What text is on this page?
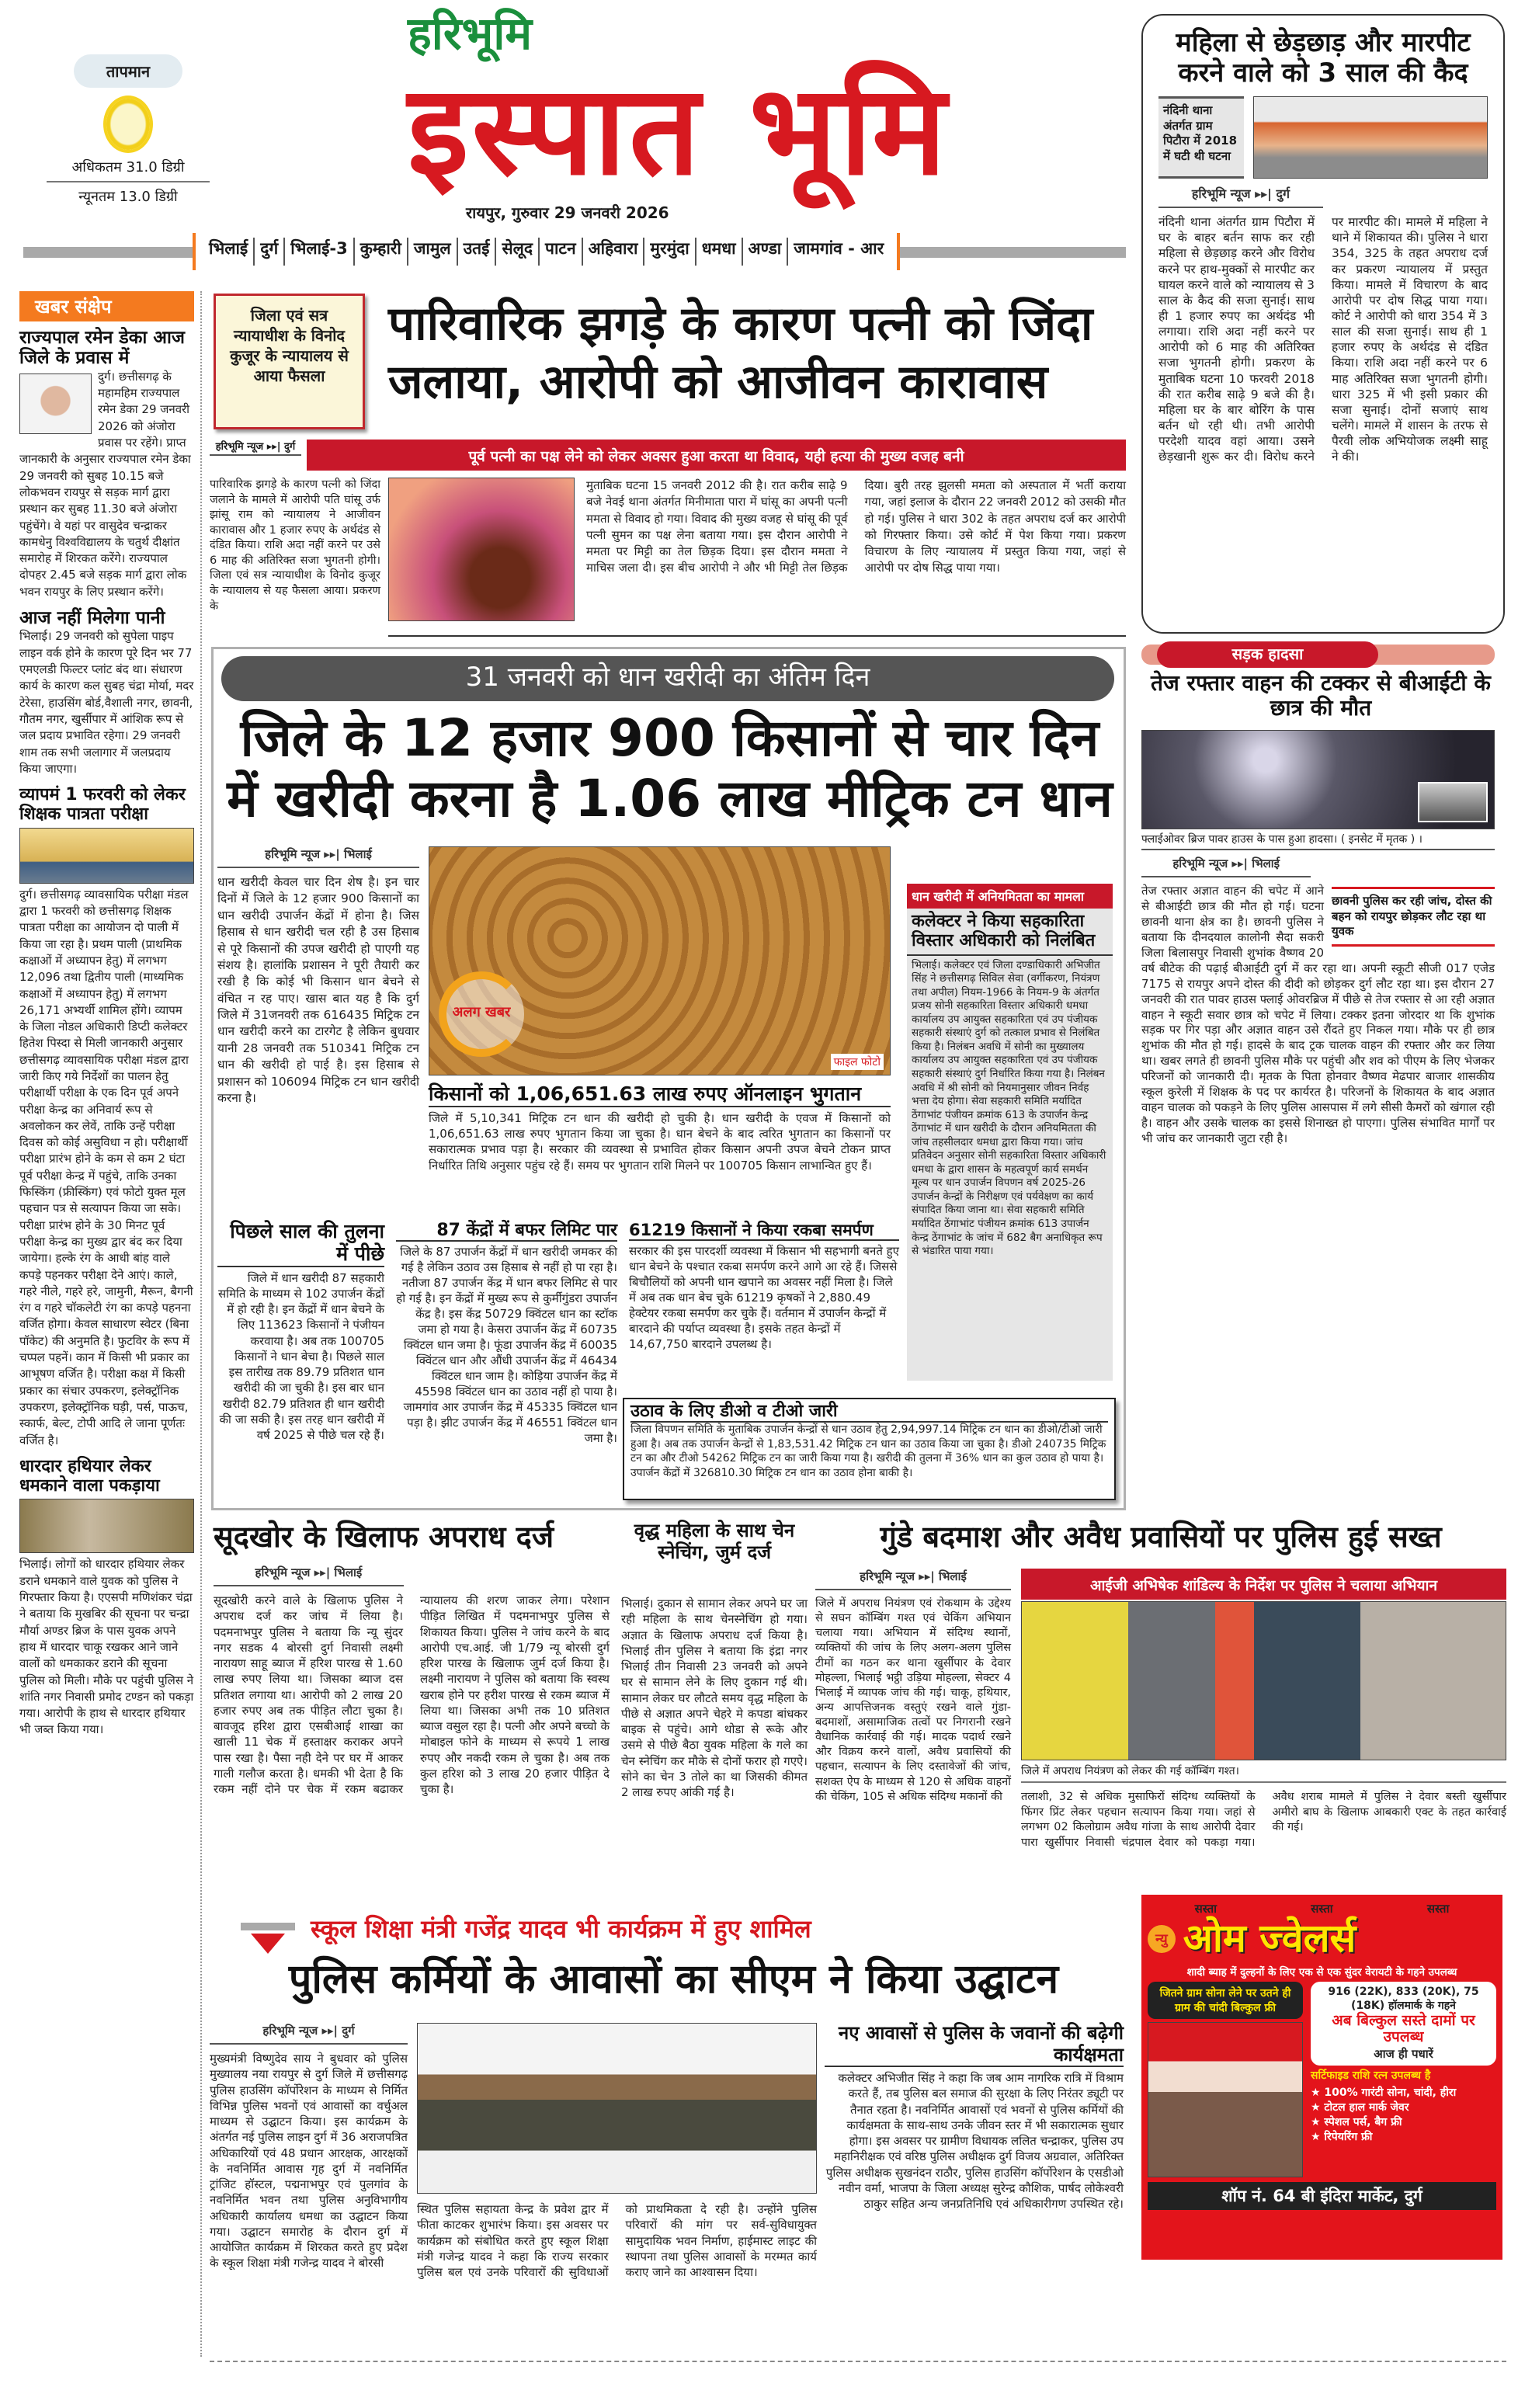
तापमान
अधिकतम 31.0 डिग्री
न्यूनतम 13.0 डिग्री
हरिभूमि
इस्पात भूमि
रायपुर, गुरुवार 29 जनवरी 2026
भिलाई दुर्ग भिलाई-3 कुम्हारी जामुल उतई सेलूद पाटन अहिवारा मुरमुंदा धमधा अण्डा जामगांव - आर
महिला से छेड़छाड़ और मारपीट करने वाले को 3 साल की कैद
नंदिनी थाना अंतर्गत ग्राम पिटौरा में 2018 में घटी थी घटना
हरिभूमि न्यूज ▸▸| दुर्ग
नंदिनी थाना अंतर्गत ग्राम पिटौरा में घर के बाहर बर्तन साफ कर रही महिला से छेड़छाड़ करने और विरोध करने पर हाथ-मुक्कों से मारपीट कर घायल करने वाले को न्यायालय से 3 साल के कैद की सजा सुनाई। साथ ही 1 हजार रुपए का अर्थदंड भी लगाया। राशि अदा नहीं करने पर आरोपी को 6 माह की अतिरिक्त सजा भुगतनी होगी। प्रकरण के मुताबिक घटना 10 फरवरी 2018 की रात करीब साढ़े 9 बजे की है। महिला घर के बार बोरिंग के पास बर्तन धो रही थी। तभी आरोपी परदेशी यादव वहां आया। उसने छेड़खानी शुरू कर दी। विरोध करने पर मारपीट की। मामले में महिला ने थाने में शिकायत की। पुलिस ने धारा 354, 325 के तहत अपराध दर्ज कर प्रकरण न्यायालय में प्रस्तुत किया। मामले में विचारण के बाद आरोपी पर दोष सिद्ध पाया गया। कोर्ट ने आरोपी को धारा 354 में 3 साल की सजा सुनाई। साथ ही 1 हजार रुपए के अर्थदंड से दंडित किया। राशि अदा नहीं करने पर 6 माह अतिरिक्त सजा भुगतनी होगी। धारा 325 में भी इसी प्रकार की सजा सुनाई। दोनों सजाएं साथ चलेंगे। मामले में शासन के तरफ से पैरवी लोक अभियोजक लक्ष्मी साहू ने की।
खबर संक्षेप
राज्यपाल रमेन डेका आज जिले के प्रवास में
दुर्ग। छत्तीसगढ़ के महामहिम राज्यपाल रमेन डेका 29 जनवरी 2026 को अंजोरा प्रवास पर रहेंगे। प्राप्त जानकारी के अनुसार राज्यपाल रमेन डेका 29 जनवरी को सुबह 10.15 बजे लोकभवन रायपुर से सड़क मार्ग द्वारा प्रस्थान कर सुबह 11.30 बजे अंजोरा पहुंचेंगे। वे यहां पर वासुदेव चन्द्राकर कामधेनु विश्वविद्यालय के चतुर्थ दीक्षांत समारोह में शिरकत करेंगे। राज्यपाल दोपहर 2.45 बजे सड़क मार्ग द्वारा लोक भवन रायपुर के लिए प्रस्थान करेंगे।
आज नहीं मिलेगा पानी
भिलाई। 29 जनवरी को सुपेला पाइप लाइन वर्क होने के कारण पूरे दिन भर 77 एमएलडी फिल्टर प्लांट बंद था। संधारण कार्य के कारण कल सुबह चंद्रा मोर्या, मदर टेरेसा, हाउसिंग बोर्ड,वैशाली नगर, छावनी, गौतम नगर, खुर्सीपार में आंशिक रूप से जल प्रदाय प्रभावित रहेगा। 29 जनवरी शाम तक सभी जलागार में जलप्रदाय किया जाएगा।
व्यापमं 1 फरवरी को लेकर शिक्षक पात्रता परीक्षा
दुर्ग। छत्तीसगढ़ व्यावसायिक परीक्षा मंडल द्वारा 1 फरवरी को छत्तीसगढ़ शिक्षक पात्रता परीक्षा का आयोजन दो पाली में किया जा रहा है। प्रथम पाली (प्राथमिक कक्षाओं में अध्यापन हेतु) में लगभग 12,096 तथा द्वितीय पाली (माध्यमिक कक्षाओं में अध्यापन हेतु) में लगभग 26,171 अभ्यर्थी शामिल होंगे। व्यापम के जिला नोडल अधिकारी डिप्टी कलेक्टर हितेश पिस्दा से मिली जानकारी अनुसार छत्तीसगढ़ व्यावसायिक परीक्षा मंडल द्वारा जारी किए गये निर्देशों का पालन हेतु परीक्षार्थी परीक्षा के एक दिन पूर्व अपने परीक्षा केन्द्र का अनिवार्य रूप से अवलोकन कर लेवें, ताकि उन्हें परीक्षा दिवस को कोई असुविधा न हो। परीक्षार्थी परीक्षा प्रारंभ होने के कम से कम 2 घंटा पूर्व परीक्षा केन्द्र में पहुंचे, ताकि उनका फिस्किंग (फ्रीस्किंग) एवं फोटो युक्त मूल पहचान पत्र से सत्यापन किया जा सके। परीक्षा प्रारंभ होने के 30 मिनट पूर्व परीक्षा केन्द्र का मुख्य द्वार बंद कर दिया जायेगा। हल्के रंग के आधी बांह वाले कपड़े पहनकर परीक्षा देने आएं। काले, गहरे नीले, गहरे हरे, जामुनी, मैरून, बैगनी रंग व गहरे चॉकलेटी रंग का कपड़े पहनना वर्जित होगा। केवल साधारण स्वेटर (बिना पॉकेट) की अनुमति है। फुटविर के रूप में चप्पल पहनें। कान में किसी भी प्रकार का आभूषण वर्जित है। परीक्षा कक्ष में किसी प्रकार का संचार उपकरण, इलेक्ट्रॉनिक उपकरण, इलेक्ट्रॉनिक घड़ी, पर्स, पाऊच, स्कार्फ, बेल्ट, टोपी आदि ले जाना पूर्णतः वर्जित है।
धारदार हथियार लेकर धमकाने वाला पकड़ाया
भिलाई। लोगों को धारदार हथियार लेकर डराने धमकाने वाले युवक को पुलिस ने गिरफ्तार किया है। एएसपी मणिशंकर चंद्रा ने बताया कि मुखबिर की सूचना पर चन्द्रा मौर्या अण्डर ब्रिज के पास युवक अपने हाथ में धारदार चाकू रखकर आने जाने वालों को धमकाकर डराने की सूचना पुलिस को मिली। मौके पर पहुंची पुलिस ने शांति नगर निवासी प्रमोद टण्डन को पकड़ा गया। आरोपी के हाथ से धारदार हथियार भी जब्त किया गया।
जिला एवं सत्र न्यायाधीश के विनोद कुजूर के न्यायालय से आया फैसला
पारिवारिक झगड़े के कारण पत्नी को जिंदा जलाया, आरोपी को आजीवन कारावास
पूर्व पत्नी का पक्ष लेने को लेकर अक्सर हुआ करता था विवाद, यही हत्या की मुख्य वजह बनी
हरिभूमि न्यूज ▸▸| दुर्ग
पारिवारिक झगड़े के कारण पत्नी को जिंदा जलाने के मामले में आरोपी पति घांसू उर्फ झांसू राम को न्यायालय ने आजीवन कारावास और 1 हजार रुपए के अर्थदंड से दंडित किया। राशि अदा नहीं करने पर उसे 6 माह की अतिरिक्त सजा भुगतनी होगी। जिला एवं सत्र न्यायाधीश के विनोद कुजूर के न्यायालय से यह फैसला आया। प्रकरण के
मुताबिक घटना 15 जनवरी 2012 की है। रात करीब साढ़े 9 बजे नेवई थाना अंतर्गत मिनीमाता पारा में घांसू का अपनी पत्नी ममता से विवाद हो गया। विवाद की मुख्य वजह से घांसू की पूर्व पत्नी सुमन का पक्ष लेना बताया गया। इस दौरान आरोपी ने ममता पर मिट्टी का तेल छिड़क दिया। इस दौरान ममता ने माचिस जला दी। इस बीच आरोपी ने और भी मिट्टी तेल छिड़क दिया। बुरी तरह झुलसी ममता को अस्पताल में भर्ती कराया गया, जहां इलाज के दौरान 22 जनवरी 2012 को उसकी मौत हो गई। पुलिस ने धारा 302 के तहत अपराध दर्ज कर आरोपी को गिरफ्तार किया। उसे कोर्ट में पेश किया गया। प्रकरण विचारण के लिए न्यायालय में प्रस्तुत किया गया, जहां से आरोपी पर दोष सिद्ध पाया गया।
31 जनवरी को धान खरीदी का अंतिम दिन
जिले के 12 हजार 900 किसानों से चार दिन में खरीदी करना है 1.06 लाख मीट्रिक टन धान
हरिभूमि न्यूज ▸▸| भिलाई
धान खरीदी केवल चार दिन शेष है। इन चार दिनों में जिले के 12 हजार 900 किसानों का धान खरीदी उपार्जन केंद्रों में होना है। जिस हिसाब से धान खरीदी चल रही है उस हिसाब से पूरे किसानों की उपज खरीदी हो पाएगी यह संशय है। हालांकि प्रशासन ने पूरी तैयारी कर रखी है कि कोई भी किसान धान बेचने से वंचित न रह पाए। खास बात यह है कि दुर्ग जिले में 31जनवरी तक 616435 मिट्रिक टन धान खरीदी करने का टारगेट है लेकिन बुधवार यानी 28 जनवरी तक 510341 मिट्रिक टन धान की खरीदी हो पाई है। इस हिसाब से प्रशासन को 106094 मिट्रिक टन धान खरीदी करना है।
अलग खबर
फाइल फोटो
किसानों को 1,06,651.63 लाख रुपए ऑनलाइन भुगतान
जिले में 5,10,341 मिट्रिक टन धान की खरीदी हो चुकी है। धान खरीदी के एवज में किसानों को 1,06,651.63 लाख रुपए भुगतान किया जा चुका है। धान बेचने के बाद त्वरित भुगतान का किसानों पर सकारात्मक प्रभाव पड़ा है। सरकार की व्यवस्था से प्रभावित होकर किसान अपनी उपज बेचने टोकन प्राप्त निर्धारित तिथि अनुसार पहुंच रहे हैं। समय पर भुगतान राशि मिलने पर 100705 किसान लाभान्वित हुए हैं।
पिछले साल की तुलना में पीछे
जिले में धान खरीदी 87 सहकारी समिति के माध्यम से 102 उपार्जन केंद्रों में हो रही है। इन केंद्रों में धान बेचने के लिए 113623 किसानों ने पंजीयन करवाया है। अब तक 100705 किसानों ने धान बेचा है। पिछले साल इस तारीख तक 89.79 प्रतिशत धान खरीदी की जा चुकी है। इस बार धान खरीदी 82.79 प्रतिशत ही धान खरीदी की जा सकी है। इस तरह धान खरीदी में वर्ष 2025 से पीछे चल रहे हैं।
87 केंद्रों में बफर लिमिट पार
जिले के 87 उपार्जन केंद्रों में धान खरीदी जमकर की गई है लेकिन उठाव उस हिसाब से नहीं हो पा रहा है। नतीजा 87 उपार्जन केंद्र में धान बफर लिमिट से पार हो गई है। इन केंद्रों में मुख्य रूप से कुर्मीगुंडरा उपार्जन केंद्र है। इस केंद्र 50729 क्विंटल धान का स्टॉक जमा हो गया है। केसरा उपार्जन केंद्र में 60735 क्विंटल धान जमा है। फूंडा उपार्जन केंद्र में 60035 क्विंटल धान और औंधी उपार्जन केंद्र में 46434 क्विंटल धान जाम है। कोड़िया उपार्जन केंद्र में 45598 क्विंटल धान का उठाव नहीं हो पाया है। जामगांव आर उपार्जन केंद्र में 45335 क्विंटल धान पड़ा है। झीट उपार्जन केंद्र में 46551 क्विंटल धान जमा है।
61219 किसानों ने किया रकबा समर्पण
सरकार की इस पारदर्शी व्यवस्था में किसान भी सहभागी बनते हुए धान बेचने के पश्चात रकबा समर्पण करने आगे आ रहे हैं। जिससे बिचौलियों को अपनी धान खपाने का अवसर नहीं मिला है। जिले में अब तक धान बेच चुके 61219 कृषकों ने 2,880.49 हेक्टेयर रकबा समर्पण कर चुके हैं। वर्तमान में उपार्जन केन्द्रों में बारदाने की पर्याप्त व्यवस्था है। इसके तहत केन्द्रों में 14,67,750 बारदाने उपलब्ध है।
धान खरीदी में अनियमितता का मामला
कलेक्टर ने किया सहकारिता विस्तार अधिकारी को निलंबित
भिलाई। कलेक्टर एवं जिला दण्डाधिकारी अभिजीत सिंह ने छत्तीसगढ़ सिविल सेवा (वर्गीकरण, नियंत्रण तथा अपील) नियम-1966 के नियम-9 के अंतर्गत प्रजय सोनी सहकारिता विस्तार अधिकारी धमधा कार्यालय उप आयुक्त सहकारिता एवं उप पंजीयक सहकारी संस्थाएं दुर्ग को तत्काल प्रभाव से निलंबित किया है। निलंबन अवधि में सोनी का मुख्यालय कार्यालय उप आयुक्त सहकारिता एवं उप पंजीयक सहकारी संस्थाएं दुर्ग निर्धारित किया गया है। निलंबन अवधि में श्री सोनी को नियमानुसार जीवन निर्वह भत्ता देय होगा। सेवा सहकारी समिति मर्यादित ठेंगाभांट पंजीयन क्रमांक 613 के उपार्जन केन्द्र ठेंगाभांट में धान खरीदी के दौरान अनियमितता की जांच तहसीलदार धमधा द्वारा किया गया। जांच प्रतिवेदन अनुसार सोनी सहकारिता विस्तार अधिकारी धमधा के द्वारा शासन के महत्वपूर्ण कार्य समर्थन मूल्य पर धान उपार्जन विपणन वर्ष 2025-26 उपार्जन केन्द्रों के निरीक्षण एवं पर्यवेक्षण का कार्य संपादित किया जाना था। सेवा सहकारी समिति मर्यादित ठेंगाभांट पंजीयन क्रमांक 613 उपार्जन केन्द्र ठेंगाभांट के जांच में 682 बैग अनाधिकृत रूप से भंडारित पाया गया।
उठाव के लिए डीओ व टीओ जारी
जिला विपणन समिति के मुताबिक उपार्जन केन्द्रों से धान उठाव हेतु 2,94,997.14 मिट्रिक टन धान का डीओ/टीओ जारी हुआ है। अब तक उपार्जन केन्द्रों से 1,83,531.42 मिट्रिक टन धान का उठाव किया जा चुका है। डीओ 240735 मिट्रिक टन का और टीओ 54262 मिट्रिक टन का जारी किया गया है। खरीदी की तुलना में 36% धान का कुल उठाव हो पाया है। उपार्जन केंद्रों में 326810.30 मिट्रिक टन धान का उठाव होना बाकी है।
सड़क हादसा
तेज रफ्तार वाहन की टक्कर से बीआईटी के छात्र की मौत
फ्लाईओवर ब्रिज पावर हाउस के पास हुआ हादसा। ( इनसेट में मृतक ) ।
हरिभूमि न्यूज ▸▸| भिलाई
छावनी पुलिस कर रही जांच, दोस्त की बहन को रायपुर छोड़कर लौट रहा था युवक
तेज रफ्तार अज्ञात वाहन की चपेट में आने से बीआईटी छात्र की मौत हो गई। घटना छावनी थाना क्षेत्र का है। छावनी पुलिस ने बताया कि दीनदयाल कालोनी सैदा सकरी जिला बिलासपुर निवासी शुभांक वैष्णव 20 वर्ष बीटेक की पढ़ाई बीआईटी दुर्ग में कर रहा था। अपनी स्कूटी सीजी 017 एजेड 7175 से रायपुर अपने दोस्त की दीदी को छोड़कर दुर्ग लौट रहा था। इस दौरान 27 जनवरी की रात पावर हाउस फ्लाई ओवरब्रिज में पीछे से तेज रफ्तार से आ रही अज्ञात वाहन ने स्कूटी सवार छात्र को चपेट में लिया। टक्कर इतना जोरदार था कि शुभांक सड़क पर गिर पड़ा और अज्ञात वाहन उसे रौंदते हुए निकल गया। मौके पर ही छात्र शुभांक की मौत हो गई। हादसे के बाद ट्रक चालक वाहन की रफ्तार और कर लिया था। खबर लगते ही छावनी पुलिस मौके पर पहुंची और शव को पीएम के लिए भेजकर परिजनों को जानकारी दी। मृतक के पिता होनवार वैष्णव मेढपार बाजार शासकीय स्कूल कुरेली में शिक्षक के पद पर कार्यरत है। परिजनों के शिकायत के बाद अज्ञात वाहन चालक को पकड़ने के लिए पुलिस आसपास में लगे सीसी कैमरों को खंगाल रही है। वाहन और उसके चालक का इससे शिनाख्त हो पाएगा। पुलिस संभावित मार्गों पर भी जांच कर जानकारी जुटा रही है।
सूदखोर के खिलाफ अपराध दर्ज
हरिभूमि न्यूज ▸▸| भिलाई
सूदखोरी करने वाले के खिलाफ पुलिस ने अपराध दर्ज कर जांच में लिया है। पदमनाभपुर पुलिस ने बताया कि न्यू सुंदर नगर सडक 4 बोरसी दुर्ग निवासी लक्ष्मी नारायण साहू ब्याज में हरिश पारख से 1.60 लाख रुपए लिया था। जिसका ब्याज दस प्रतिशत लगाया था। आरोपी को 2 लाख 20 हजार रुपए अब तक पीड़ित लौटा चुका है। बावजूद हरिश द्वारा एसबीआई शाखा का खाली 11 चेक में हस्ताक्षर कराकर अपने पास रखा है। पैसा नही देने पर घर में आकर गाली गलौज करता है। धमकी भी देता है कि रकम नहीं दोने पर चेक में रकम बढाकर न्यायालय की शरण जाकर लेगा। परेशान पीड़ित लिखित में पदमनाभपुर पुलिस से शिकायत किया। पुलिस ने जांच करने के बाद आरोपी एच.आई. जी 1/79 न्यू बोरसी दुर्ग हरिश पारख के खिलाफ जुर्म दर्ज किया है। लक्ष्मी नारायण ने पुलिस को बताया कि स्वस्थ खराब होने पर हरीश पारख से रकम ब्याज में लिया था। जिसका अभी तक 10 प्रतिशत ब्याज वसुल रहा है। पत्नी और अपने बच्चो के मोबाइल फोने के माध्यम से रूपये 1 लाख रुपए और नकदी रकम ले चुका है। अब तक कुल हरिश को 3 लाख 20 हजार पीड़ित दे चुका है।
वृद्ध महिला के साथ चेन स्नेचिंग, जुर्म दर्ज
भिलाई। दुकान से सामान लेकर अपने घर जा रही महिला के साथ चेनस्नेचिंग हो गया। अज्ञात के खिलाफ अपराध दर्ज किया है। भिलाई तीन पुलिस ने बताया कि इंद्रा नगर भिलाई तीन निवासी 23 जनवरी को अपने घर से सामान लेने के लिए दुकान गई थी। सामान लेकर घर लौटते समय वृद्ध महिला के पीछे से अज्ञात अपने चेहरे मे कपडा बांधकर बाइक से पहुंचे। आगे थोडा से रूके और उसमे से पीछे बैठा युवक महिला के गले का चेन स्नेचिंग कर मौके से दोनों फरार हो गएऐ। सोने का चेन 3 तोले का था जिसकी कीमत 2 लाख रुपए आंकी गई है।
गुंडे बदमाश और अवैध प्रवासियों पर पुलिस हुई सख्त
हरिभूमि न्यूज ▸▸| भिलाई
जिले में अपराध नियंत्रण एवं रोकथाम के उद्देश्य से सघन कॉम्बिंग गश्त एवं चेकिंग अभियान चलाया गया। अभियान में संदिग्ध स्थानों, व्यक्तियों की जांच के लिए अलग-अलग पुलिस टीमों का गठन कर थाना खुर्सीपार के देवार मोहल्ला, भिलाई भट्ठी उड़िया मोहल्ला, सेक्टर 4 भिलाई में व्यापक जांच की गई। चाकू, हथियार, अन्य आपत्तिजनक वस्तुएं रखने वाले गुंडा-बदमाशों, असामाजिक तत्वों पर निगरानी रखने वैधानिक कार्रवाई की गई। मादक पदार्थ रखने और विक्रय करने वालों, अवैध प्रवासियों की पहचान, सत्यापन के लिए दस्तावेजों की जांच, सशक्त ऐप के माध्यम से 120 से अधिक वाहनों की चेकिंग, 105 से अधिक संदिग्ध मकानों की
आईजी अभिषेक शांडिल्य के निर्देश पर पुलिस ने चलाया अभियान
जिले में अपराध नियंत्रण को लेकर की गई कॉम्बिंग गश्त।
तलाशी, 32 से अधिक मुसाफिरों संदिग्ध व्यक्तियों के फिंगर प्रिंट लेकर पहचान सत्यापन किया गया। जहां से लगभग 02 किलोग्राम अवैध गांजा के साथ आरोपी देवार पारा खुर्सीपार निवासी चंद्रपाल देवार को पकड़ा गया। अवैध शराब मामले में पुलिस ने देवार बस्ती खुर्सीपार अमीरो बाघ के खिलाफ आबकारी एक्ट के तहत कार्रवाई की गई।
स्कूल शिक्षा मंत्री गजेंद्र यादव भी कार्यक्रम में हुए शामिल
पुलिस कर्मियों के आवासों का सीएम ने किया उद्घाटन
हरिभूमि न्यूज ▸▸| दुर्ग
मुख्यमंत्री विष्णुदेव साय ने बुधवार को पुलिस मुख्यालय नया रायपुर से दुर्ग जिले में छत्तीसगढ़ पुलिस हाउसिंग कॉर्पोरेशन के माध्यम से निर्मित विभिन्न पुलिस भवनों एवं आवासों का वर्चुअल माध्यम से उद्घाटन किया। इस कार्यक्रम के अंतर्गत नई पुलिस लाइन दुर्ग में 36 अराजपत्रित अधिकारियों एवं 48 प्रधान आरक्षक, आरक्षकों के नवनिर्मित आवास गृह दुर्ग में नवनिर्मित ट्रांजिट हॉस्टल, पद्मनाभपुर एवं पुलगांव के नवनिर्मित भवन तथा पुलिस अनुविभागीय अधिकारी कार्यालय धमधा का उद्घाटन किया गया। उद्घाटन समारोह के दौरान दुर्ग में आयोजित कार्यक्रम में शिरकत करते हुए प्रदेश के स्कूल शिक्षा मंत्री गजेन्द्र यादव ने बोरसी
स्थित पुलिस सहायता केन्द्र के प्रवेश द्वार में फीता काटकर शुभारंभ किया। इस अवसर पर कार्यक्रम को संबोधित करते हुए स्कूल शिक्षा मंत्री गजेन्द्र यादव ने कहा कि राज्य सरकार पुलिस बल एवं उनके परिवारों की सुविधाओं को प्राथमिकता दे रही है। उन्होंने पुलिस परिवारों की मांग पर सर्व-सुविधायुक्त सामुदायिक भवन निर्माण, हाईमास्ट लाइट की स्थापना तथा पुलिस आवासों के मरम्मत कार्य कराए जाने का आश्वासन दिया।
नए आवासों से पुलिस के जवानों की बढ़ेगी कार्यक्षमता
कलेक्टर अभिजीत सिंह ने कहा कि जब आम नागरिक रात्रि में विश्राम करते हैं, तब पुलिस बल समाज की सुरक्षा के लिए निरंतर ड्यूटी पर तैनात रहता है। नवनिर्मित आवासों एवं भवनों से पुलिस कर्मियों की कार्यक्षमता के साथ-साथ उनके जीवन स्तर में भी सकारात्मक सुधार होगा। इस अवसर पर ग्रामीण विधायक ललित चन्द्राकर, पुलिस उप महानिरीक्षक एवं वरिष्ठ पुलिस अधीक्षक दुर्ग विजय अग्रवाल, अतिरिक्त पुलिस अधीक्षक सुखनंदन राठौर, पुलिस हाउसिंग कॉर्पोरेशन के एसडीओ नवीन वर्मा, भाजपा के जिला अध्यक्ष सुरेन्द्र कौशिक, पार्षद लोकेश्वरी ठाकुर सहित अन्य जनप्रतिनिधि एवं अधिकारीगण उपस्थित रहे।
सस्ता	सस्ता	सस्ता
न्यु ओम ज्वेलर्स
शादी ब्याह में दुल्हनों के लिए एक से एक सुंदर वेरायटी के गहने उपलब्ध
जितने ग्राम सोना लेने पर उतने ही ग्राम की चांदी बिल्कुल फ्री
916 (22K), 833 (20K), 75 (18K) हॉलमार्क के गहने
अब बिल्कुल सस्ते दामों पर उपलब्ध
आज ही पधारें
सर्टिफाइड राशि रत्न उपलब्ध है
★ 100% गारंटी सोना, चांदी, हीरा
★ टोटल हाल मार्क जेवर
★ स्पेशल पर्स, बैग फ्री
★ रिपेयरिंग फ्री
शॉप नं. 64 बी इंदिरा मार्केट, दुर्ग
